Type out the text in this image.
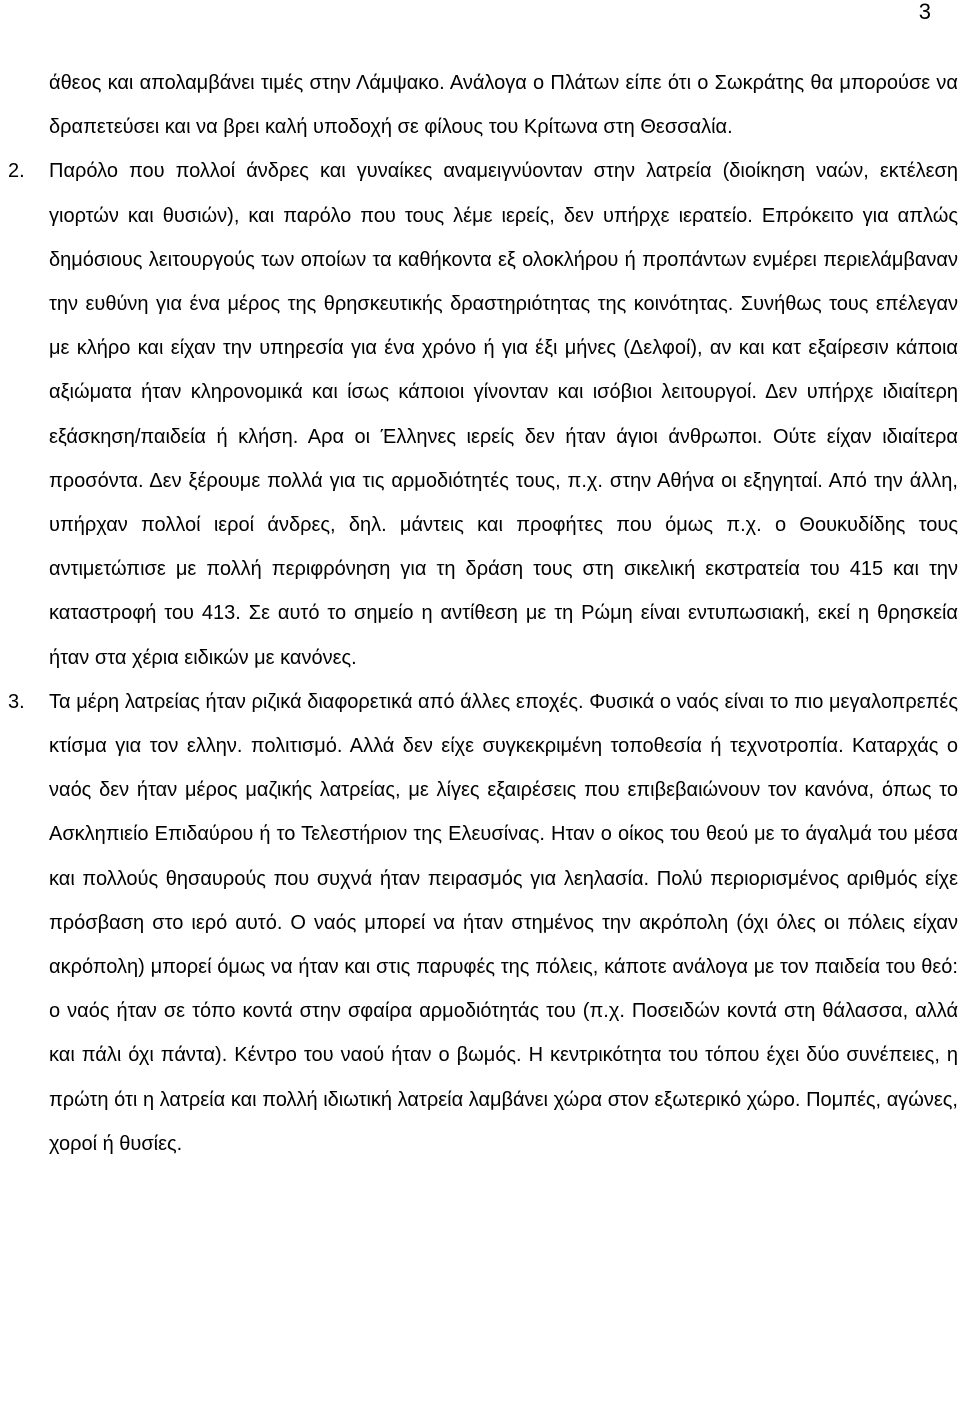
3
άθεος και απολαμβάνει τιμές στην Λάμψακο. Ανάλογα ο Πλάτων είπε ότι ο Σωκράτης θα μπορούσε να δραπετεύσει και να βρει καλή υποδοχή σε φίλους του Κρίτωνα στη Θεσσαλία.
2.	Παρόλο που πολλοί άνδρες και γυναίκες αναμειγνύονταν στην λατρεία (διοίκηση ναών, εκτέλεση γιορτών και θυσιών), και παρόλο που τους λέμε ιερείς, δεν υπήρχε ιερατείο. Επρόκειτο για απλώς δημόσιους λειτουργούς των οποίων τα καθήκοντα εξ ολοκλήρου ή προπάντων ενμέρει περιελάμβαναν την ευθύνη για ένα μέρος της θρησκευτικής δραστηριότητας της κοινότητας. Συνήθως τους επέλεγαν με κλήρο και είχαν την υπηρεσία για ένα χρόνο ή για έξι μήνες (Δελφοί), αν και κατ εξαίρεσιν κάποια αξιώματα ήταν κληρονομικά και ίσως κάποιοι γίνονταν και ισόβιοι λειτουργοί. Δεν υπήρχε ιδιαίτερη εξάσκηση/παιδεία ή κλήση. Αρα οι Έλληνες ιερείς δεν ήταν άγιοι άνθρωποι. Ούτε είχαν ιδιαίτερα προσόντα. Δεν ξέρουμε πολλά για τις αρμοδιότητές τους, π.χ. στην Αθήνα οι εξηγηταί. Από την άλλη, υπήρχαν πολλοί ιεροί άνδρες, δηλ. μάντεις και προφήτες που όμως π.χ. ο Θουκυδίδης τους αντιμετώπισε με πολλή περιφρόνηση για τη δράση τους στη σικελική εκστρατεία του 415 και την καταστροφή του 413. Σε αυτό το σημείο η αντίθεση με τη Ρώμη είναι εντυπωσιακή, εκεί η θρησκεία ήταν στα χέρια ειδικών με κανόνες.
3.	Τα μέρη λατρείας ήταν ριζικά διαφορετικά από άλλες εποχές. Φυσικά ο ναός είναι το πιο μεγαλοπρεπές κτίσμα για τον ελλην. πολιτισμό. Αλλά δεν είχε συγκεκριμένη τοποθεσία ή τεχνοτροπία. Καταρχάς ο ναός δεν ήταν μέρος μαζικής λατρείας, με λίγες εξαιρέσεις που επιβεβαιώνουν τον κανόνα, όπως το Ασκληπιείο Επιδαύρου ή το Τελεστήριον της Ελευσίνας. Ηταν ο οίκος του θεού με το άγαλμά του μέσα και πολλούς θησαυρούς που συχνά ήταν πειρασμός για λεηλασία. Πολύ περιορισμένος αριθμός είχε πρόσβαση στο ιερό αυτό. Ο ναός μπορεί να ήταν στημένος την ακρόπολη (όχι όλες οι πόλεις είχαν ακρόπολη) μπορεί όμως να ήταν και στις παρυφές της πόλεις, κάποτε ανάλογα με τον παιδεία του θεό: ο ναός ήταν σε τόπο κοντά στην σφαίρα αρμοδιότητάς του (π.χ. Ποσειδών κοντά στη θάλασσα, αλλά και πάλι όχι πάντα). Κέντρο του ναού ήταν ο βωμός. Η κεντρικότητα του τόπου έχει δύο συνέπειες, η πρώτη ότι η λατρεία και πολλή ιδιωτική λατρεία λαμβάνει χώρα στον εξωτερικό χώρο. Πομπές, αγώνες, χοροί ή θυσίες.
